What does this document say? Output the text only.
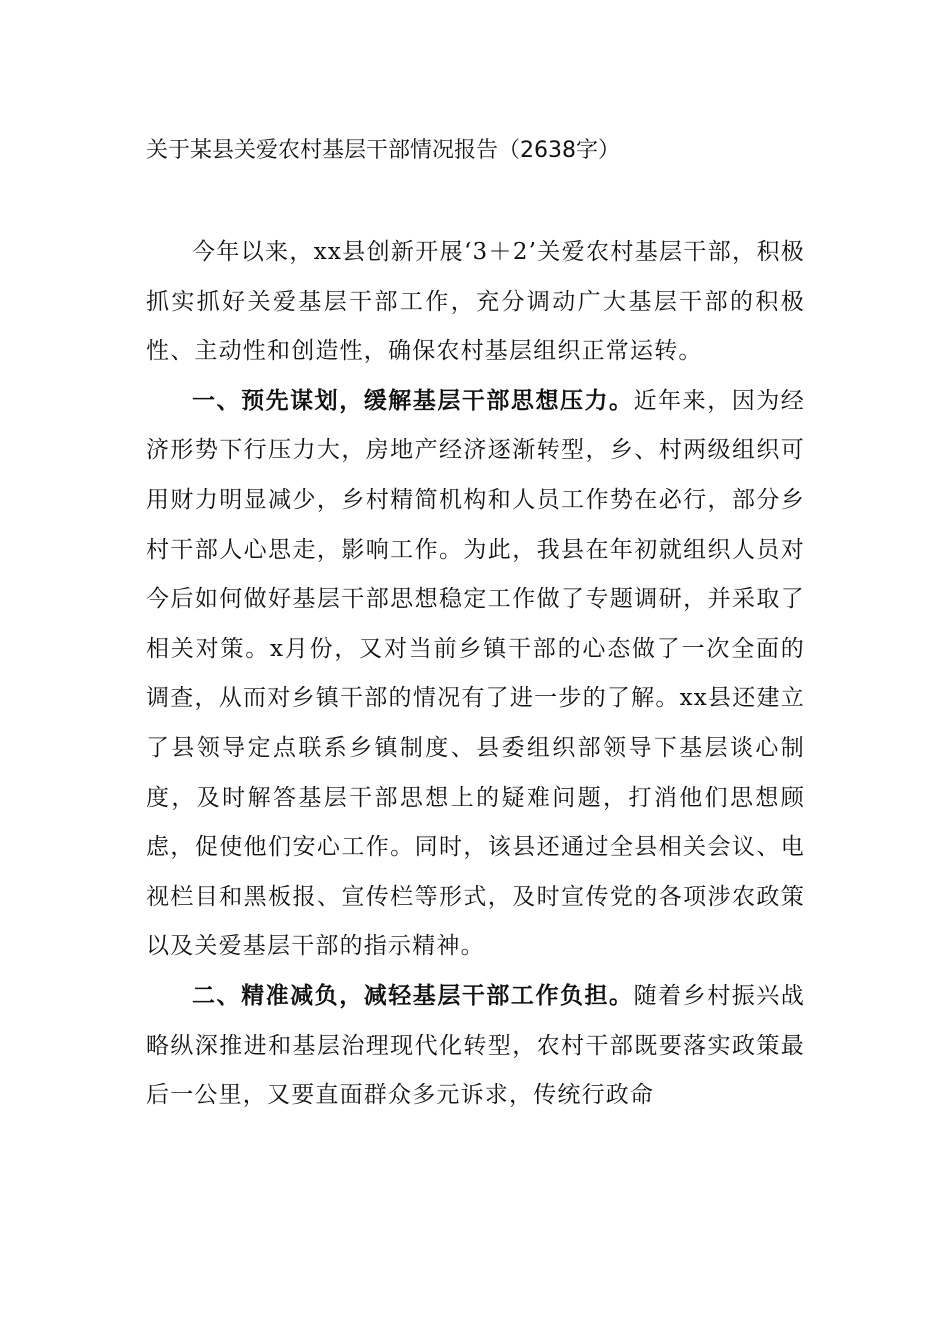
关于某县关爱农村基层干部情况报告（2638字）

今年以来，xx县创新开展‘3＋2’关爱农村基层干部，积极抓实抓好关爱基层干部工作，充分调动广大基层干部的积极性、主动性和创造性，确保农村基层组织正常运转。

一、预先谋划，缓解基层干部思想压力。近年来，因为经济形势下行压力大，房地产经济逐渐转型，乡、村两级组织可用财力明显减少，乡村精简机构和人员工作势在必行，部分乡村干部人心思走，影响工作。为此，我县在年初就组织人员对今后如何做好基层干部思想稳定工作做了专题调研，并采取了相关对策。x月份，又对当前乡镇干部的心态做了一次全面的调查，从而对乡镇干部的情况有了进一步的了解。xx县还建立了县领导定点联系乡镇制度、县委组织部领导下基层谈心制度，及时解答基层干部思想上的疑难问题，打消他们思想顾虑，促使他们安心工作。同时，该县还通过全县相关会议、电视栏目和黑板报、宣传栏等形式，及时宣传党的各项涉农政策以及关爱基层干部的指示精神。

二、精准减负，减轻基层干部工作负担。随着乡村振兴战略纵深推进和基层治理现代化转型，农村干部既要落实政策最后一公里，又要直面群众多元诉求，传统行政命
